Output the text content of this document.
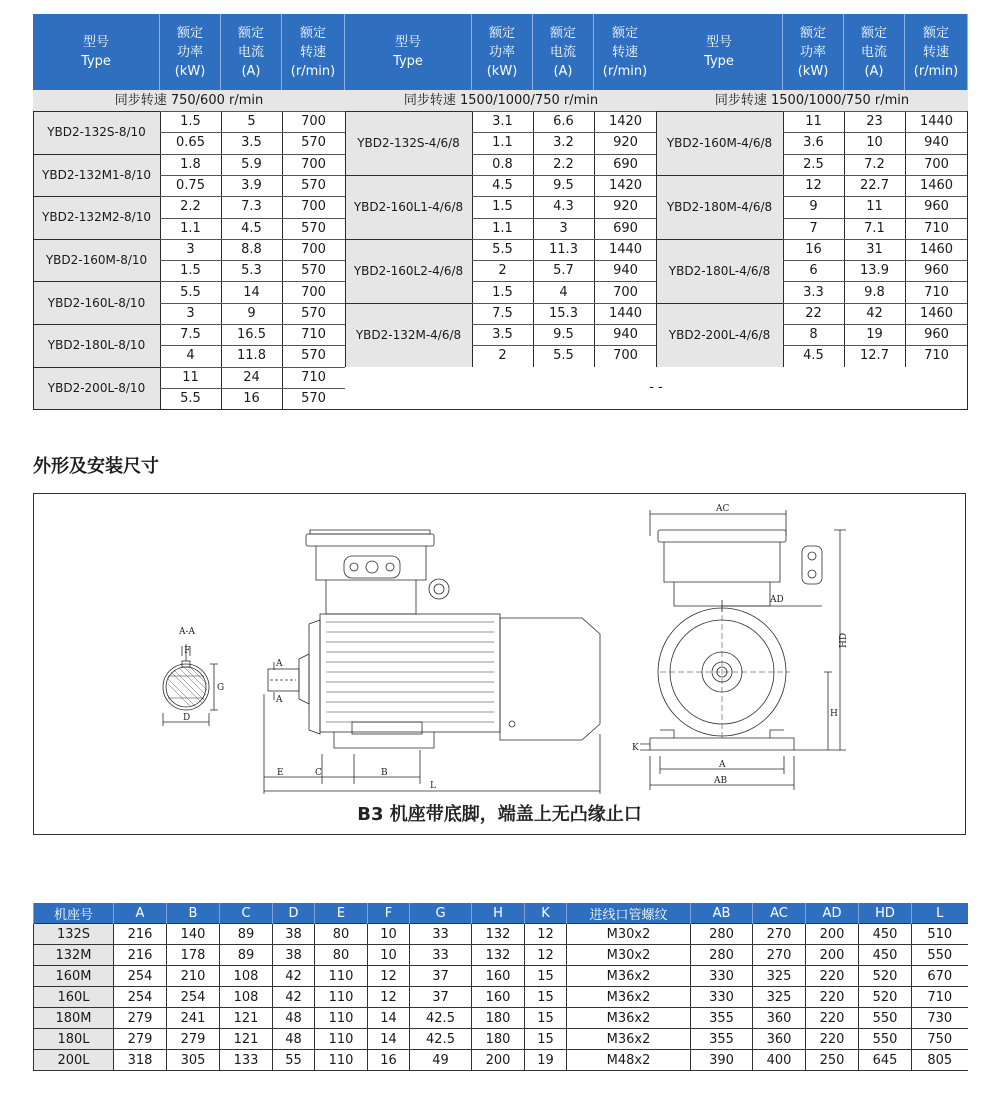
型号
Type
额定
功率
(kW)
额定
电流
(A)
额定
转速
(r/min)
同步转速 750/600 r/min
YBD2-132S-8/10
1.5	5	700
0.65	3.5	570
YBD2-132M1-8/10
1.8	5.9	700
0.75	3.9	570
YBD2-132M2-8/10
2.2	7.3	700
1.1	4.5	570
YBD2-160M-8/10
3	8.8	700
1.5	5.3	570
YBD2-160L-8/10
5.5	14	700
3	9	570
YBD2-180L-8/10
7.5	16.5	710
4	11.8	570
YBD2-200L-8/10
11	24	710
5.5	16	570
型号
Type
额定
功率
(kW)
额定
电流
(A)
额定
转速
(r/min)
同步转速 1500/1000/750 r/min
YBD2-132S-4/6/8
3.1	6.6	1420
1.1	3.2	920
0.8	2.2	690
YBD2-160L1-4/6/8
4.5	9.5	1420
1.5	4.3	920
1.1	3	690
YBD2-160L2-4/6/8
5.5	11.3	1440
2	5.7	940
1.5	4	700
YBD2-132M-4/6/8
7.5	15.3	1440
3.5	9.5	940
2	5.5	700
型号
Type
额定
功率
(kW)
额定
电流
(A)
额定
转速
(r/min)
同步转速 1500/1000/750 r/min
YBD2-160M-4/6/8
11	23	1440
3.6	10	940
2.5	7.2	700
YBD2-180M-4/6/8
12	22.7	1460
9	11	960
7	7.1	710
YBD2-180L-4/6/8
16	31	1460
6	13.9	960
3.3	9.8	710
YBD2-200L-4/6/8
22	42	1460
8	19	960
4.5	12.7	710
- -
外形及安装尺寸
A-A
F
G
D
A
A
E	C	B
L
AC
AD
HD
H
K
A
AB
B3 机座带底脚，端盖上无凸缘止口
机座号	A	B	C	D	E	F	G	H	K	进线口管螺纹	AB	AC	AD	HD	L
132S	216	140	89	38	80	10	33	132	12	M30x2	280	270	200	450	510
132M	216	178	89	38	80	10	33	132	12	M30x2	280	270	200	450	550
160M	254	210	108	42	110	12	37	160	15	M36x2	330	325	220	520	670
160L	254	254	108	42	110	12	37	160	15	M36x2	330	325	220	520	710
180M	279	241	121	48	110	14	42.5	180	15	M36x2	355	360	220	550	730
180L	279	279	121	48	110	14	42.5	180	15	M36x2	355	360	220	550	750
200L	318	305	133	55	110	16	49	200	19	M48x2	390	400	250	645	805
